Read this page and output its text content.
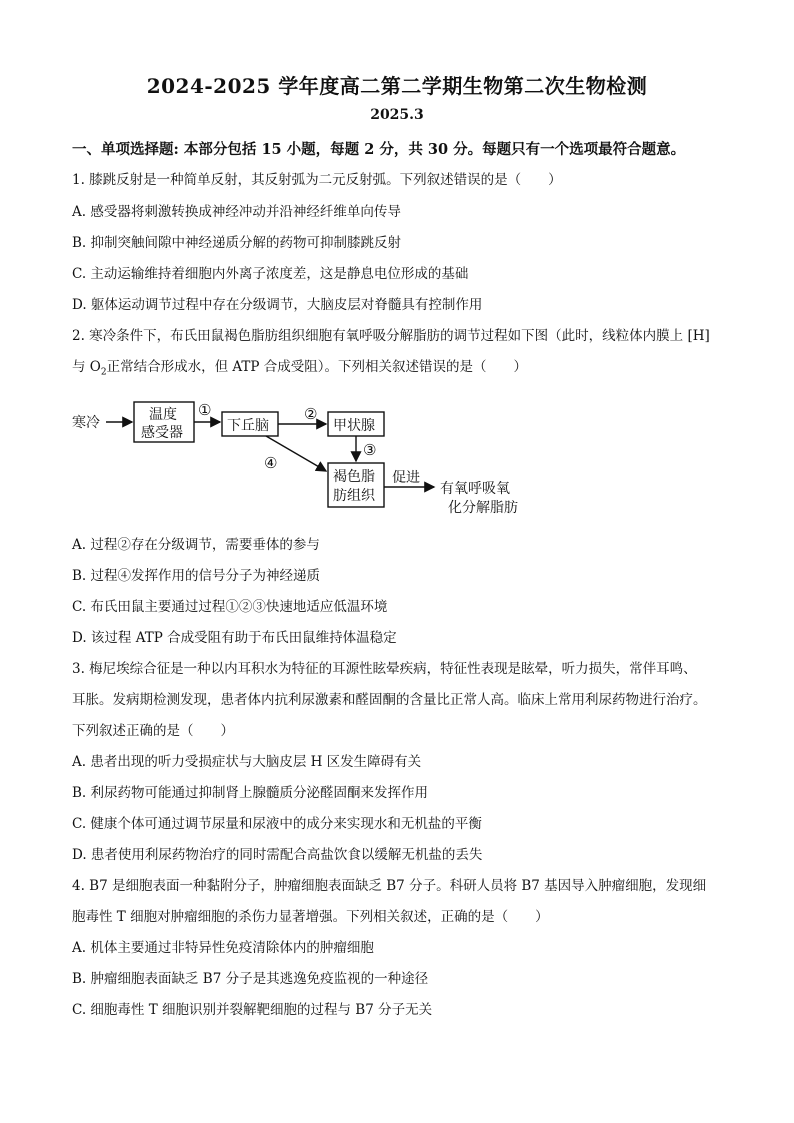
2024-2025 学年度高二第二学期生物第二次生物检测
2025.3
一、单项选择题: 本部分包括 15 小题，每题 2 分，共 30 分。每题只有一个选项最符合题意。
1. 膝跳反射是一种简单反射，其反射弧为二元反射弧。下列叙述错误的是（　　）
A. 感受器将刺激转换成神经冲动并沿神经纤维单向传导
B. 抑制突触间隙中神经递质分解的药物可抑制膝跳反射
C. 主动运输维持着细胞内外离子浓度差，这是静息电位形成的基础
D. 躯体运动调节过程中存在分级调节，大脑皮层对脊髓具有控制作用
2. 寒冷条件下，布氏田鼠褐色脂肪组织细胞有氧呼吸分解脂肪的调节过程如下图（此时，线粒体内膜上 [H]
与 $O_2$正常结合形成水，但 ATP 合成受阻）。下列相关叙述错误的是（　　）
寒冷	温度
感受器
①
下丘脑
②
甲状腺
③
④
褐色脂
肪组织
促进
有氧呼吸氧
化分解脂肪
A. 过程②存在分级调节，需要垂体的参与
B. 过程④发挥作用的信号分子为神经递质
C. 布氏田鼠主要通过过程①②③快速地适应低温环境
D. 该过程 ATP 合成受阻有助于布氏田鼠维持体温稳定
3. 梅尼埃综合征是一种以内耳积水为特征的耳源性眩晕疾病，特征性表现是眩晕，听力损失，常伴耳鸣、
耳胀。发病期检测发现，患者体内抗利尿激素和醛固酮的含量比正常人高。临床上常用利尿药物进行治疗。
下列叙述正确的是（　　）
A. 患者出现的听力受损症状与大脑皮层 H 区发生障碍有关
B. 利尿药物可能通过抑制肾上腺髓质分泌醛固酮来发挥作用
C. 健康个体可通过调节尿量和尿液中的成分来实现水和无机盐的平衡
D. 患者使用利尿药物治疗的同时需配合高盐饮食以缓解无机盐的丢失
4. B7 是细胞表面一种黏附分子，肿瘤细胞表面缺乏 B7 分子。科研人员将 B7 基因导入肿瘤细胞，发现细
胞毒性 T 细胞对肿瘤细胞的杀伤力显著增强。下列相关叙述，正确的是（　　）
A. 机体主要通过非特异性免疫清除体内的肿瘤细胞
B. 肿瘤细胞表面缺乏 B7 分子是其逃逸免疫监视的一种途径
C. 细胞毒性 T 细胞识别并裂解靶细胞的过程与 B7 分子无关
